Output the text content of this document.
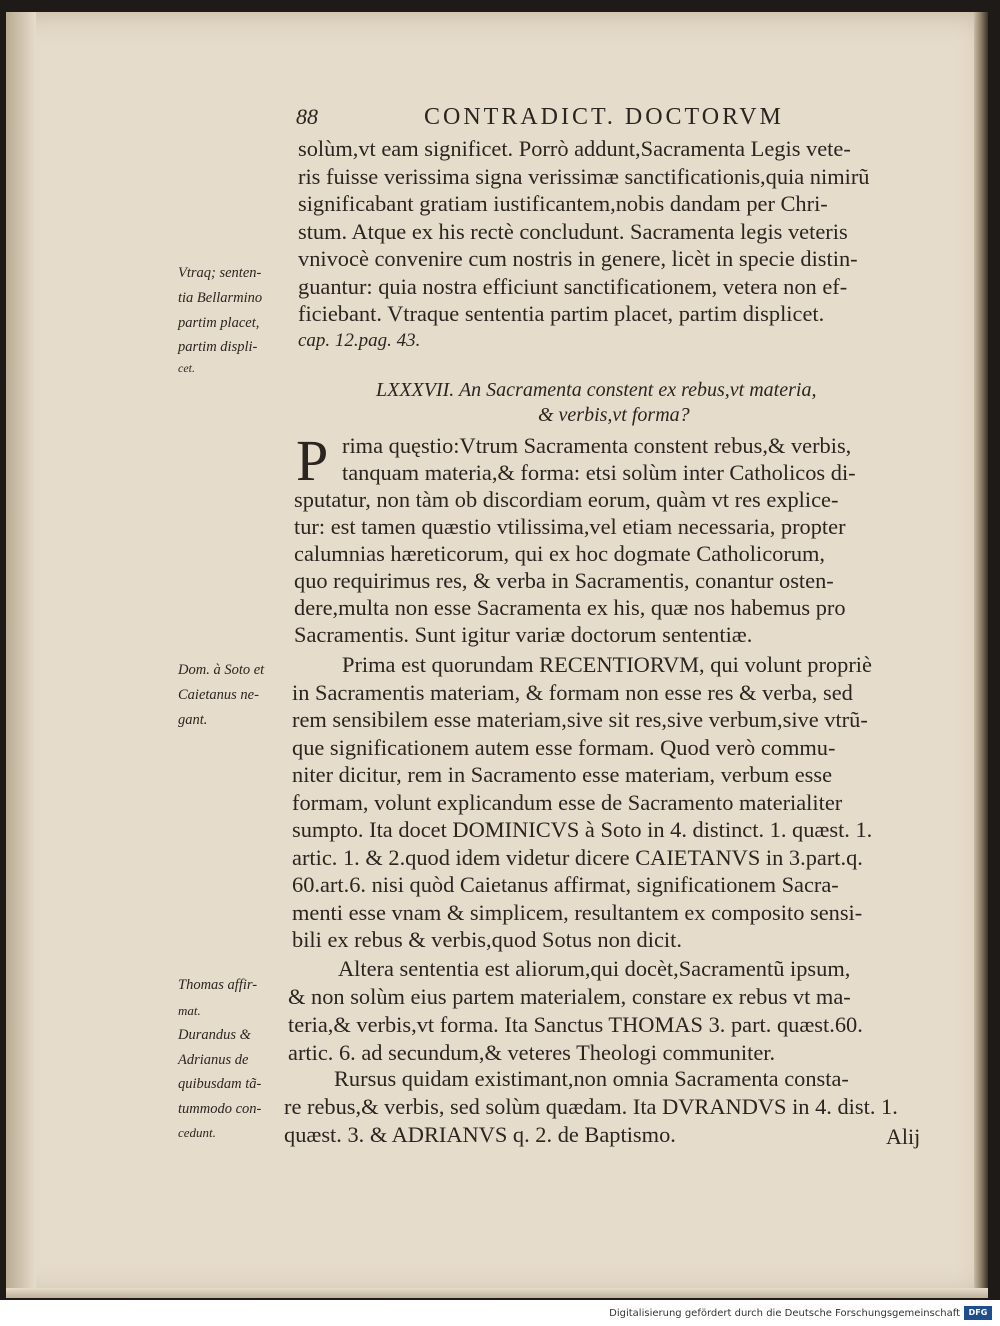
88	CONTRADICT. DOCTORVM
solùm,vt eam significet. Porrò addunt,Sacramenta Legis vete-
ris fuisse verissima signa verissimæ sanctificationis,quia nimirũ
significabant gratiam iustificantem,nobis dandam per Chri-
stum. Atque ex his rectè concludunt. Sacramenta legis veteris
vnivocè convenire cum nostris in genere, licèt in specie distin-
guantur: quia nostra efficiunt sanctificationem, vetera non ef-
ficiebant. Vtraque sententia partim placet, partim displicet.
cap. 12.pag. 43.
LXXXVII. An Sacramenta constent ex rebus,vt materia,
& verbis,vt forma?
P rima quęstio:Vtrum Sacramenta constent rebus,& verbis,
tanquam materia,& forma: etsi solùm inter Catholicos di-
sputatur, non tàm ob discordiam eorum, quàm vt res explice-
tur: est tamen quæstio vtilissima,vel etiam necessaria, propter
calumnias hæreticorum, qui ex hoc dogmate Catholicorum,
quo requirimus res, & verba in Sacramentis, conantur osten-
dere,multa non esse Sacramenta ex his, quæ nos habemus pro
Sacramentis. Sunt igitur variæ doctorum sententiæ.
Prima est quorundam RECENTIORVM, qui volunt propriè
in Sacramentis materiam, & formam non esse res & verba, sed
rem sensibilem esse materiam,sive sit res,sive verbum,sive vtrũ-
que significationem autem esse formam. Quod verò commu-
niter dicitur, rem in Sacramento esse materiam, verbum esse
formam, volunt explicandum esse de Sacramento materialiter
sumpto. Ita docet DOMINICVS à Soto in 4. distinct. 1. quæst. 1.
artic. 1. & 2.quod idem videtur dicere CAIETANVS in 3.part.q.
60.art.6. nisi quòd Caietanus affirmat, significationem Sacra-
menti esse vnam & simplicem, resultantem ex composito sensi-
bili ex rebus & verbis,quod Sotus non dicit.
Altera sententia est aliorum,qui docèt,Sacramentũ ipsum,
& non solùm eius partem materialem, constare ex rebus vt ma-
teria,& verbis,vt forma. Ita Sanctus THOMAS 3. part. quæst.60.
artic. 6. ad secundum,& veteres Theologi communiter.
Rursus quidam existimant,non omnia Sacramenta consta-
re rebus,& verbis, sed solùm quædam. Ita DVRANDVS in 4. dist. 1.
quæst. 3. & ADRIANVS q. 2. de Baptismo.	Alij
Vtraq; senten-
tia Bellarmino
partim placet,
partim displi-
cet.
Dom. à Soto et
Caietanus ne-
gant.
Thomas affir-
mat.
Durandus &
Adrianus de
quibusdam tã-
tummodo con-
cedunt.
Digitalisierung gefördert durch die Deutsche Forschungsgemeinschaft	DFG
